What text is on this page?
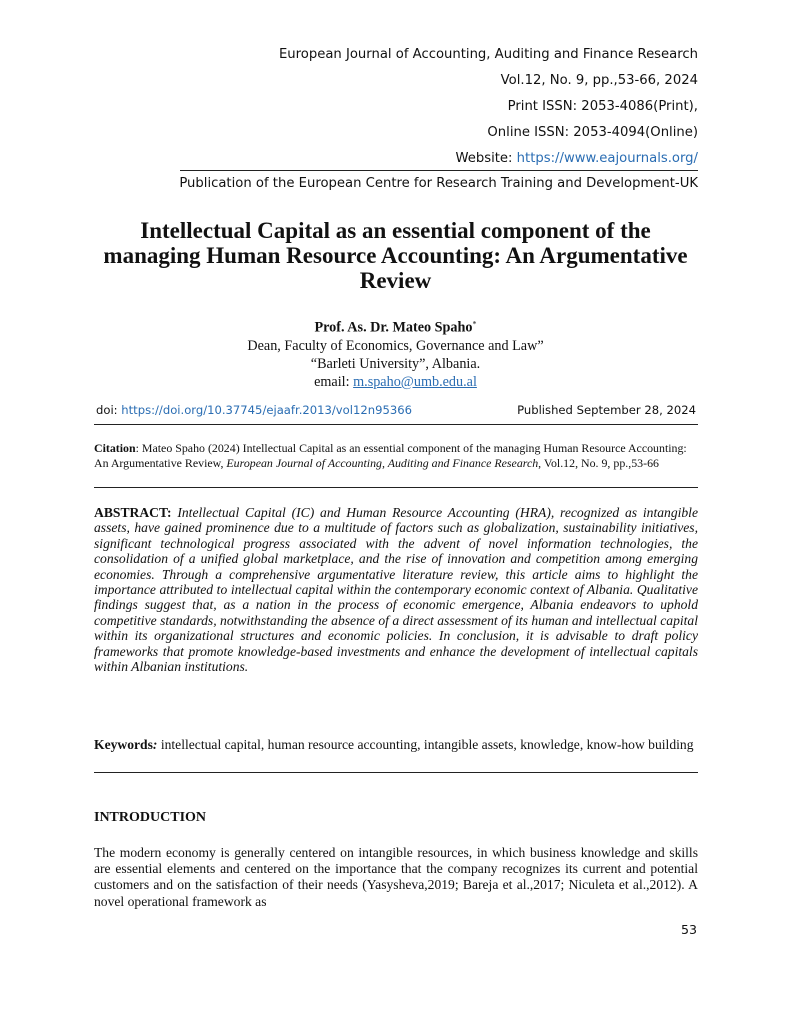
European Journal of Accounting, Auditing and Finance Research
Vol.12, No. 9, pp.,53-66, 2024
Print ISSN: 2053-4086(Print),
Online ISSN: 2053-4094(Online)
Website: https://www.eajournals.org/
Publication of the European Centre for Research Training and Development-UK
Intellectual Capital as an essential component of the managing Human Resource Accounting: An Argumentative Review
Prof. As. Dr. Mateo Spaho*
Dean, Faculty of Economics, Governance and Law”
“Barleti University”, Albania.
email: m.spaho@umb.edu.al
doi: https://doi.org/10.37745/ejaafr.2013/vol12n95366	Published September 28, 2024
Citation: Mateo Spaho (2024) Intellectual Capital as an essential component of the managing Human Resource Accounting: An Argumentative Review, European Journal of Accounting, Auditing and Finance Research, Vol.12, No. 9, pp.,53-66
ABSTRACT: Intellectual Capital (IC) and Human Resource Accounting (HRA), recognized as intangible assets, have gained prominence due to a multitude of factors such as globalization, sustainability initiatives, significant technological progress associated with the advent of novel information technologies, the consolidation of a unified global marketplace, and the rise of innovation and competition among emerging economies. Through a comprehensive argumentative literature review, this article aims to highlight the importance attributed to intellectual capital within the contemporary economic context of Albania. Qualitative findings suggest that, as a nation in the process of economic emergence, Albania endeavors to uphold competitive standards, notwithstanding the absence of a direct assessment of its human and intellectual capital within its organizational structures and economic policies. In conclusion, it is advisable to draft policy frameworks that promote knowledge-based investments and enhance the development of intellectual capitals within Albanian institutions.
Keywords: intellectual capital, human resource accounting, intangible assets, knowledge, know-how building
INTRODUCTION
The modern economy is generally centered on intangible resources, in which business knowledge and skills are essential elements and centered on the importance that the company recognizes its current and potential customers and on the satisfaction of their needs (Yasysheva,2019; Bareja et al.,2017; Niculeta et al.,2012). A novel operational framework as
53
